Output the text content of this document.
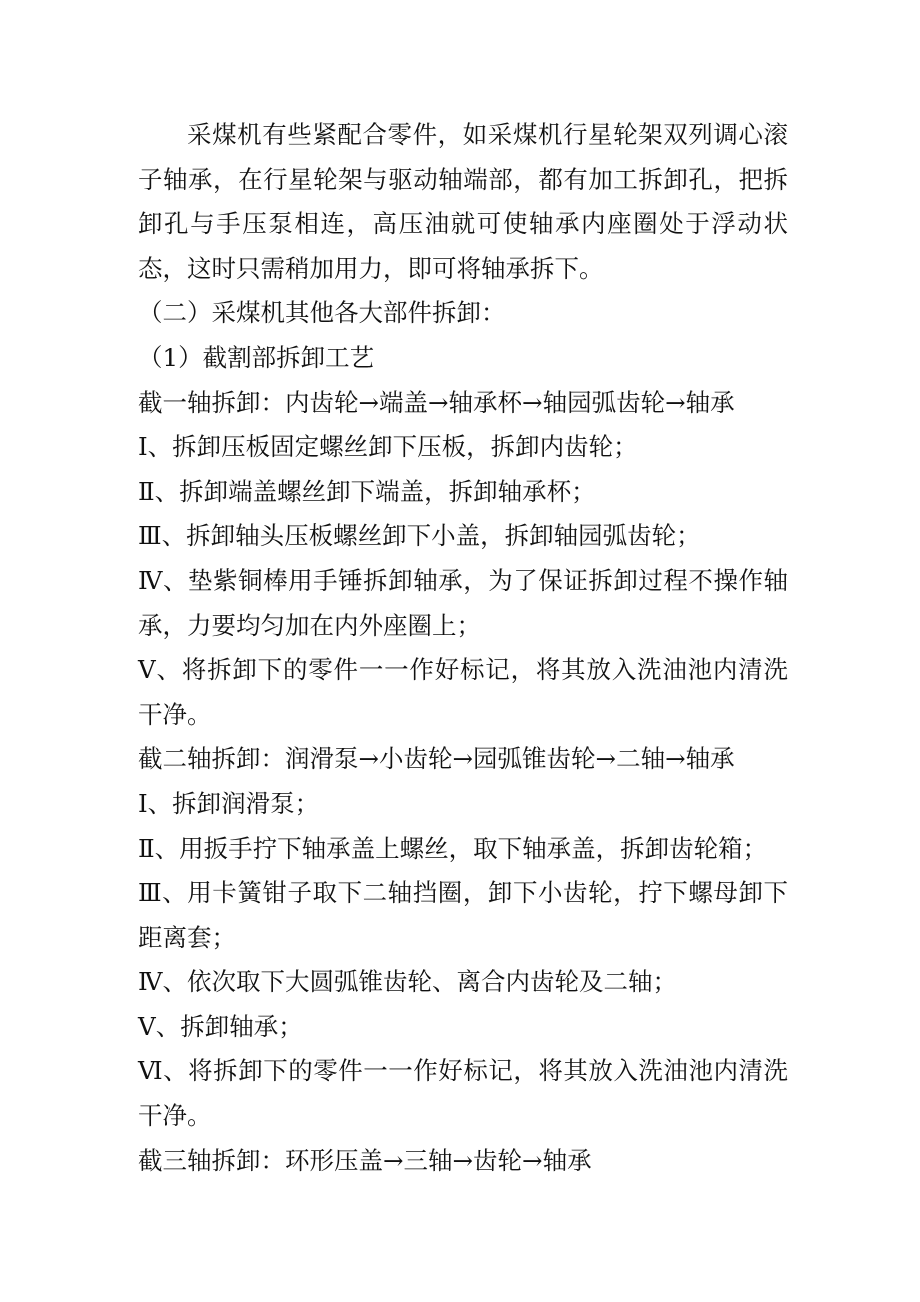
采煤机有些紧配合零件，如采煤机行星轮架双列调心滚子轴承，在行星轮架与驱动轴端部，都有加工拆卸孔，把拆卸孔与手压泵相连，高压油就可使轴承内座圈处于浮动状态，这时只需稍加用力，即可将轴承拆下。

（二）采煤机其他各大部件拆卸：

（1）截割部拆卸工艺

截一轴拆卸：内齿轮→端盖→轴承杯→轴园弧齿轮→轴承

Ⅰ、拆卸压板固定螺丝卸下压板，拆卸内齿轮；

Ⅱ、拆卸端盖螺丝卸下端盖，拆卸轴承杯；

Ⅲ、拆卸轴头压板螺丝卸下小盖，拆卸轴园弧齿轮；

Ⅳ、垫紫铜棒用手锤拆卸轴承，为了保证拆卸过程不操作轴承，力要均匀加在内外座圈上；

Ⅴ、将拆卸下的零件一一作好标记，将其放入洗油池内清洗干净。

截二轴拆卸：润滑泵→小齿轮→园弧锥齿轮→二轴→轴承

Ⅰ、拆卸润滑泵；

Ⅱ、用扳手拧下轴承盖上螺丝，取下轴承盖，拆卸齿轮箱；

Ⅲ、用卡簧钳子取下二轴挡圈，卸下小齿轮，拧下螺母卸下距离套；

Ⅳ、依次取下大圆弧锥齿轮、离合内齿轮及二轴；

Ⅴ、拆卸轴承；

Ⅵ、将拆卸下的零件一一作好标记，将其放入洗油池内清洗干净。

截三轴拆卸：环形压盖→三轴→齿轮→轴承
